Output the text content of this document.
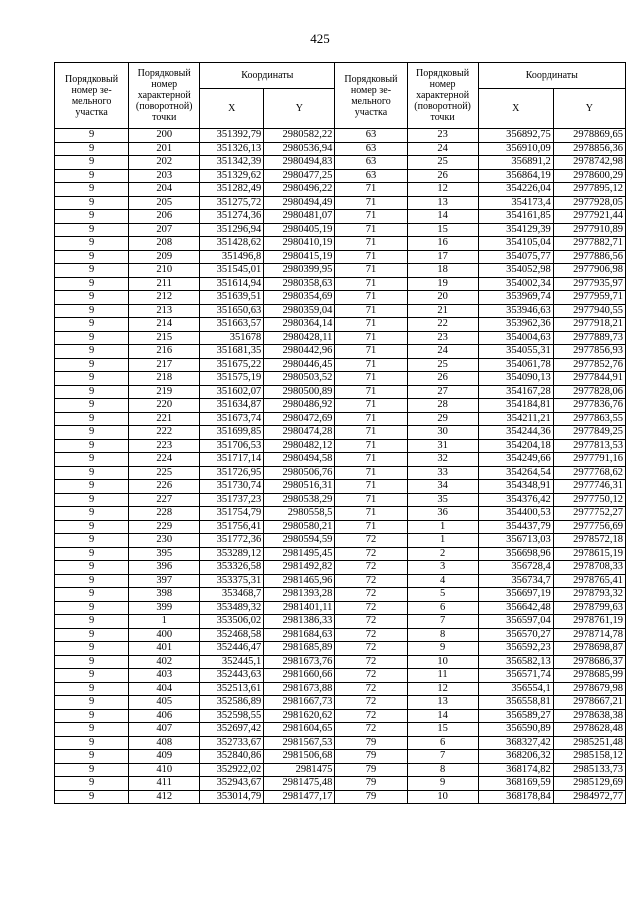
425
Порядковый номер зе-мельного участка	Порядковый номер характерной (поворотной) точки	Координаты		Порядковый номер зе-мельного участка	Порядковый номер характерной (поворотной) точки	Координаты	
		X	Y			X	Y
9	200	351392,79	2980582,22	63	23	356892,75	2978869,65
9	201	351326,13	2980536,94	63	24	356910,09	2978856,36
9	202	351342,39	2980494,83	63	25	356891,2	2978742,98
9	203	351329,62	2980477,25	63	26	356864,19	2978600,29
9	204	351282,49	2980496,22	71	12	354226,04	2977895,12
9	205	351275,72	2980494,49	71	13	354173,4	2977928,05
9	206	351274,36	2980481,07	71	14	354161,85	2977921,44
9	207	351296,94	2980405,19	71	15	354129,39	2977910,89
9	208	351428,62	2980410,19	71	16	354105,04	2977882,71
9	209	351496,8	2980415,19	71	17	354075,77	2977886,56
9	210	351545,01	2980399,95	71	18	354052,98	2977906,98
9	211	351614,94	2980358,63	71	19	354002,34	2977935,97
9	212	351639,51	2980354,69	71	20	353969,74	2977959,71
9	213	351650,63	2980359,04	71	21	353946,63	2977940,55
9	214	351663,57	2980364,14	71	22	353962,36	2977918,21
9	215	351678	2980428,11	71	23	354004,63	2977889,73
9	216	351681,35	2980442,96	71	24	354055,31	2977856,93
9	217	351675,22	2980446,45	71	25	354061,78	2977852,76
9	218	351575,19	2980503,52	71	26	354090,13	2977844,91
9	219	351602,07	2980500,89	71	27	354167,28	2977828,06
9	220	351634,87	2980486,92	71	28	354184,81	2977836,76
9	221	351673,74	2980472,69	71	29	354211,21	2977863,55
9	222	351699,85	2980474,28	71	30	354244,36	2977849,25
9	223	351706,53	2980482,12	71	31	354204,18	2977813,53
9	224	351717,14	2980494,58	71	32	354249,66	2977791,16
9	225	351726,95	2980506,76	71	33	354264,54	2977768,62
9	226	351730,74	2980516,31	71	34	354348,91	2977746,31
9	227	351737,23	2980538,29	71	35	354376,42	2977750,12
9	228	351754,79	2980558,5	71	36	354400,53	2977752,27
9	229	351756,41	2980580,21	71	1	354437,79	2977756,69
9	230	351772,36	2980594,59	72	1	356713,03	2978572,18
9	395	353289,12	2981495,45	72	2	356698,96	2978615,19
9	396	353326,58	2981492,82	72	3	356728,4	2978708,33
9	397	353375,31	2981465,96	72	4	356734,7	2978765,41
9	398	353468,7	2981393,28	72	5	356697,19	2978793,32
9	399	353489,32	2981401,11	72	6	356642,48	2978799,63
9	1	353506,02	2981386,33	72	7	356597,04	2978761,19
9	400	352468,58	2981684,63	72	8	356570,27	2978714,78
9	401	352446,47	2981685,89	72	9	356592,23	2978698,87
9	402	352445,1	2981673,76	72	10	356582,13	2978686,37
9	403	352443,63	2981660,66	72	11	356571,74	2978685,99
9	404	352513,61	2981673,88	72	12	356554,1	2978679,98
9	405	352586,89	2981667,73	72	13	356558,81	2978667,21
9	406	352598,55	2981620,62	72	14	356589,27	2978638,38
9	407	352697,42	2981604,65	72	15	356590,89	2978628,48
9	408	352733,67	2981567,53	79	6	368327,42	2985251,48
9	409	352840,86	2981506,68	79	7	368206,32	2985158,12
9	410	352922,02	2981475	79	8	368174,82	2985133,73
9	411	352943,67	2981475,48	79	9	368169,59	2985129,69
9	412	353014,79	2981477,17	79	10	368178,84	2984972,77
